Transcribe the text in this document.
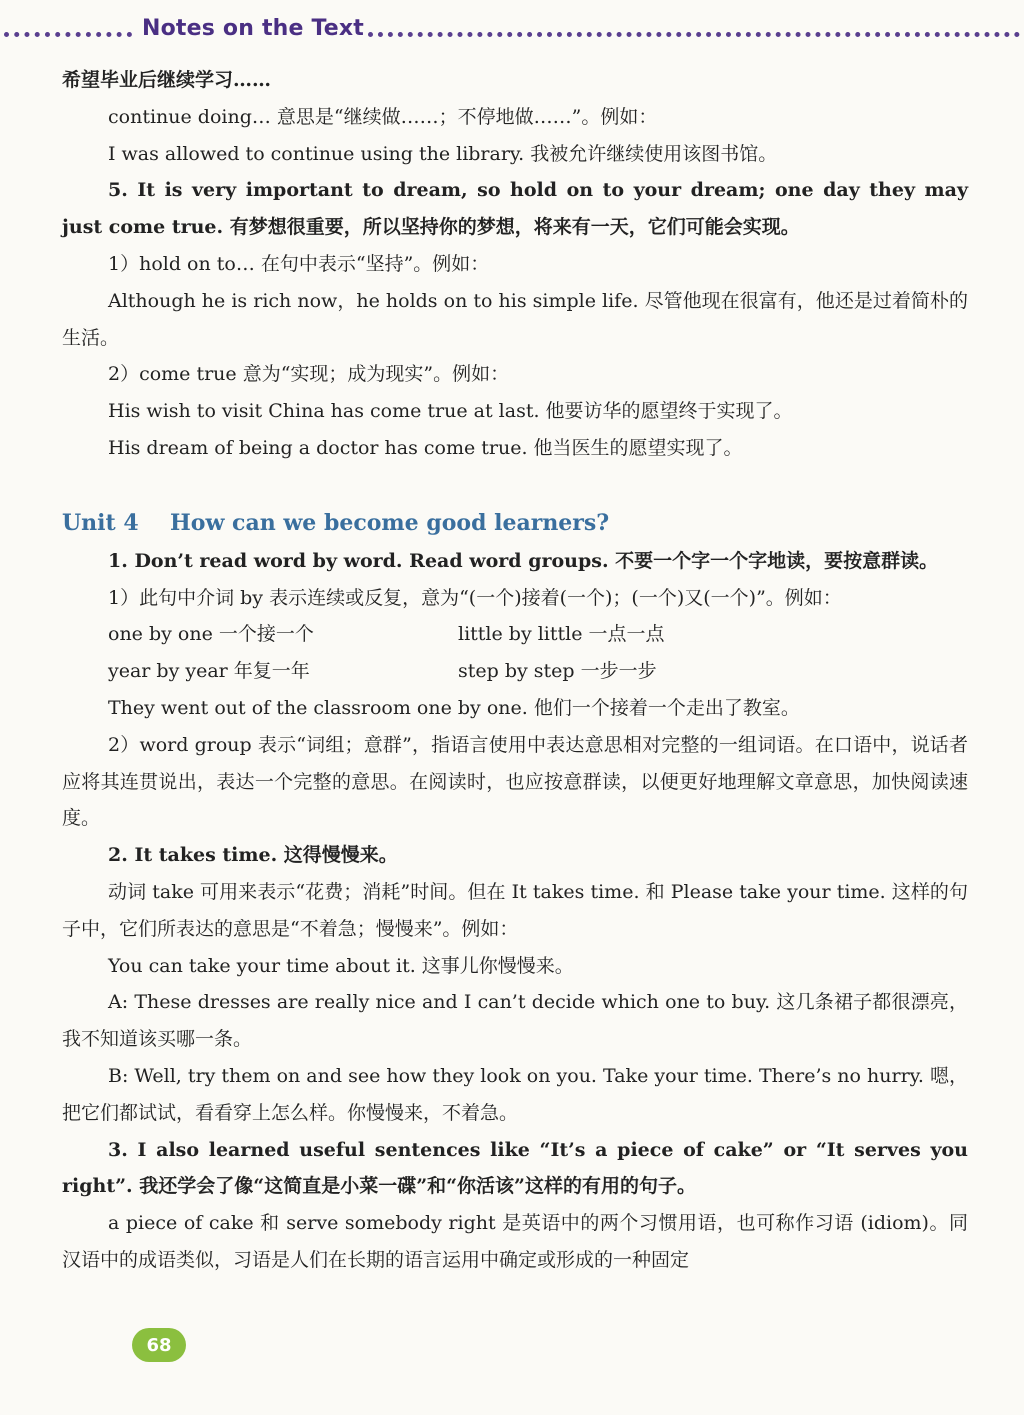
Notes on the Text

希望毕业后继续学习……

continue doing… 意思是“继续做……；不停地做……”。例如：

I was allowed to continue using the library. 我被允许继续使用该图书馆。

5. It is very important to dream, so hold on to your dream; one day they may just come true. 有梦想很重要，所以坚持你的梦想，将来有一天，它们可能会实现。

1）hold on to… 在句中表示“坚持”。例如：

Although he is rich now，he holds on to his simple life. 尽管他现在很富有，他还是过着简朴的生活。

2）come true 意为“实现；成为现实”。例如：

His wish to visit China has come true at last. 他要访华的愿望终于实现了。

His dream of being a doctor has come true. 他当医生的愿望实现了。

Unit 4 How can we become good learners?

1. Don’t read word by word. Read word groups. 不要一个字一个字地读，要按意群读。

1）此句中介词 by 表示连续或反复，意为“(一个)接着(一个)；(一个)又(一个)”。例如：

one by one 一个接一个	little by little 一点一点
year by year 年复一年	step by step 一步一步

They went out of the classroom one by one. 他们一个接着一个走出了教室。

2）word group 表示“词组；意群”，指语言使用中表达意思相对完整的一组词语。在口语中，说话者应将其连贯说出，表达一个完整的意思。在阅读时，也应按意群读，以便更好地理解文章意思，加快阅读速度。

2. It takes time. 这得慢慢来。

动词 take 可用来表示“花费；消耗”时间。但在 It takes time. 和 Please take your time. 这样的句子中，它们所表达的意思是“不着急；慢慢来”。例如：

You can take your time about it. 这事儿你慢慢来。

A: These dresses are really nice and I can’t decide which one to buy. 这几条裙子都很漂亮，我不知道该买哪一条。

B: Well, try them on and see how they look on you. Take your time. There’s no hurry. 嗯，把它们都试试，看看穿上怎么样。你慢慢来，不着急。

3. I also learned useful sentences like “It’s a piece of cake” or “It serves you right”. 我还学会了像“这简直是小菜一碟”和“你活该”这样的有用的句子。

a piece of cake 和 serve somebody right 是英语中的两个习惯用语，也可称作习语 (idiom)。同汉语中的成语类似，习语是人们在长期的语言运用中确定或形成的一种固定

68
